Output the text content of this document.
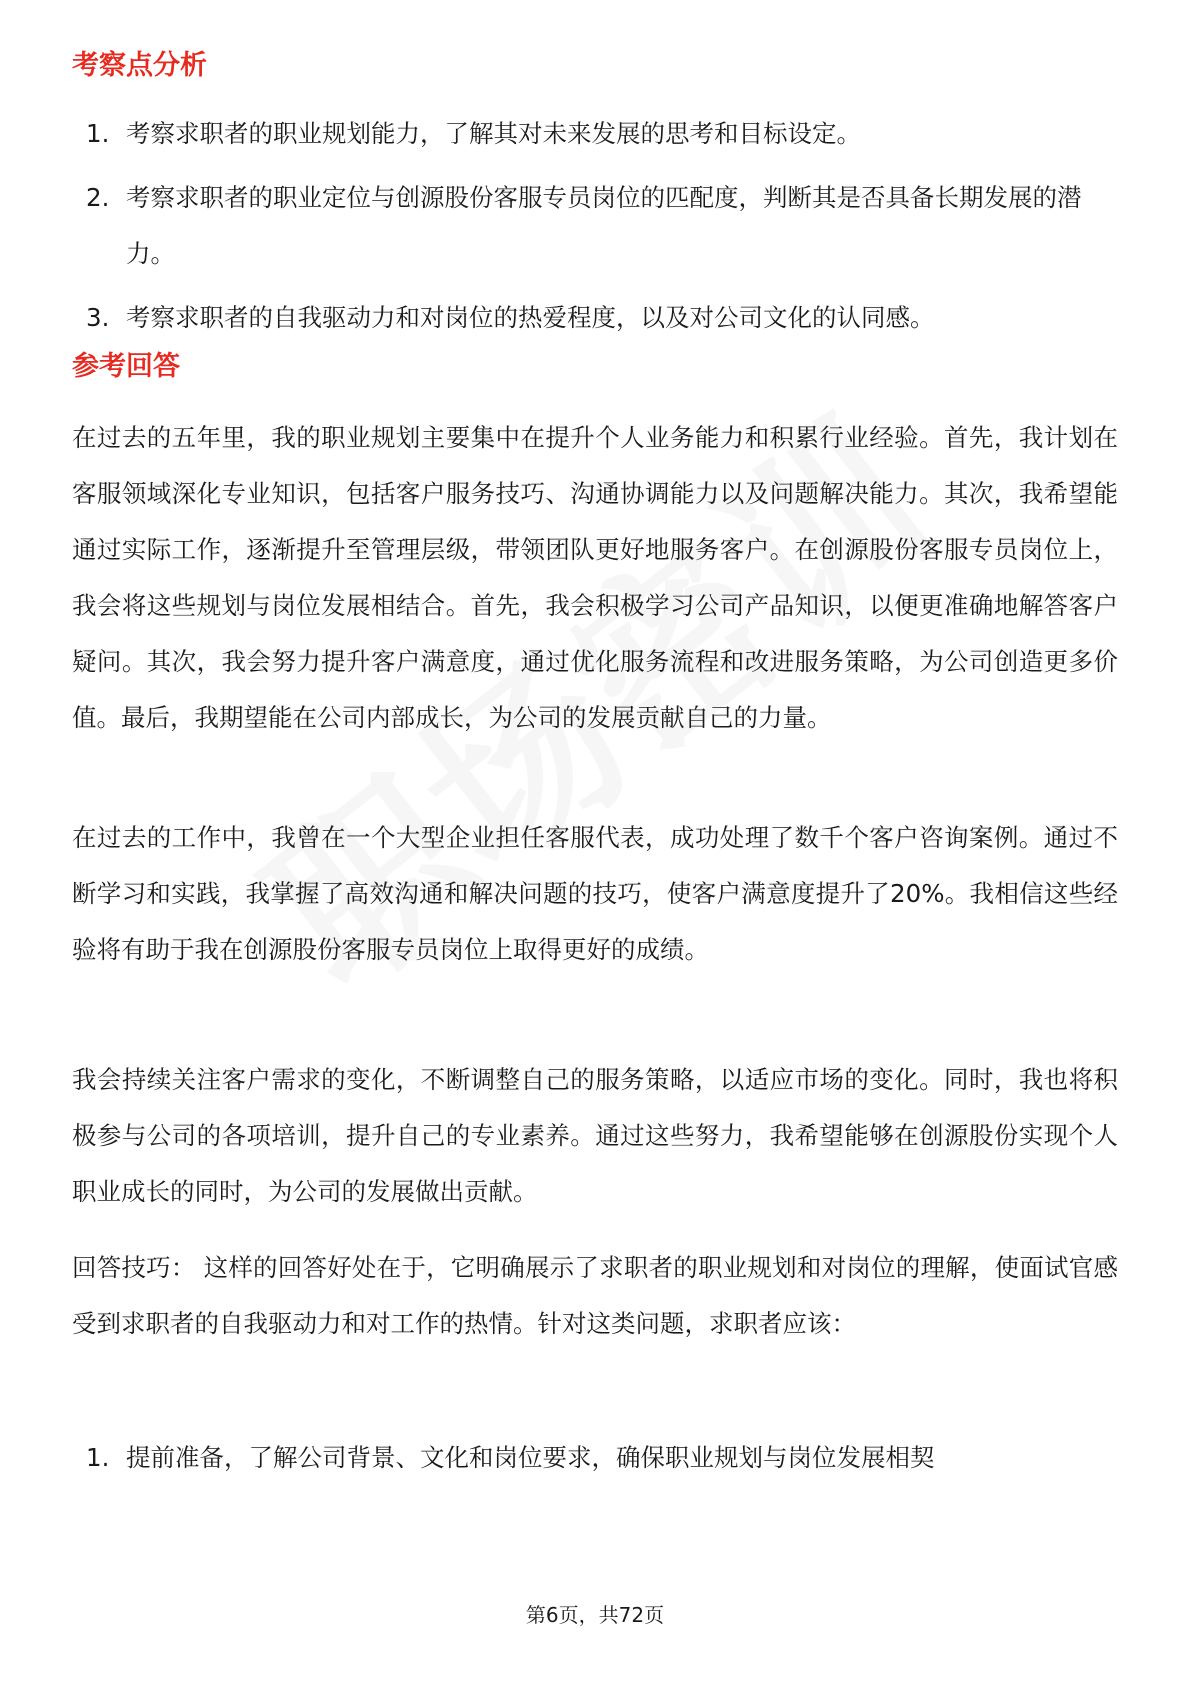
考察点分析
1. 考察求职者的职业规划能力，了解其对未来发展的思考和目标设定。
2. 考察求职者的职业定位与创源股份客服专员岗位的匹配度，判断其是否具备长期发展的潜力。
3. 考察求职者的自我驱动力和对岗位的热爱程度，以及对公司文化的认同感。
参考回答

在过去的五年里，我的职业规划主要集中在提升个人业务能力和积累行业经验。首先，我计划在客服领域深化专业知识，包括客户服务技巧、沟通协调能力以及问题解决能力。其次，我希望能通过实际工作，逐渐提升至管理层级，带领团队更好地服务客户。在创源股份客服专员岗位上，我会将这些规划与岗位发展相结合。首先，我会积极学习公司产品知识，以便更准确地解答客户疑问。其次，我会努力提升客户满意度，通过优化服务流程和改进服务策略，为公司创造更多价值。最后，我期望能在公司内部成长，为公司的发展贡献自己的力量。

在过去的工作中，我曾在一个大型企业担任客服代表，成功处理了数千个客户咨询案例。通过不断学习和实践，我掌握了高效沟通和解决问题的技巧，使客户满意度提升了20%。我相信这些经验将有助于我在创源股份客服专员岗位上取得更好的成绩。

我会持续关注客户需求的变化，不断调整自己的服务策略，以适应市场的变化。同时，我也将积极参与公司的各项培训，提升自己的专业素养。通过这些努力，我希望能够在创源股份实现个人职业成长的同时，为公司的发展做出贡献。

回答技巧： 这样的回答好处在于，它明确展示了求职者的职业规划和对岗位的理解，使面试官感受到求职者的自我驱动力和对工作的热情。针对这类问题，求职者应该：

1. 提前准备，了解公司背景、文化和岗位要求，确保职业规划与岗位发展相契
第6页，共72页
